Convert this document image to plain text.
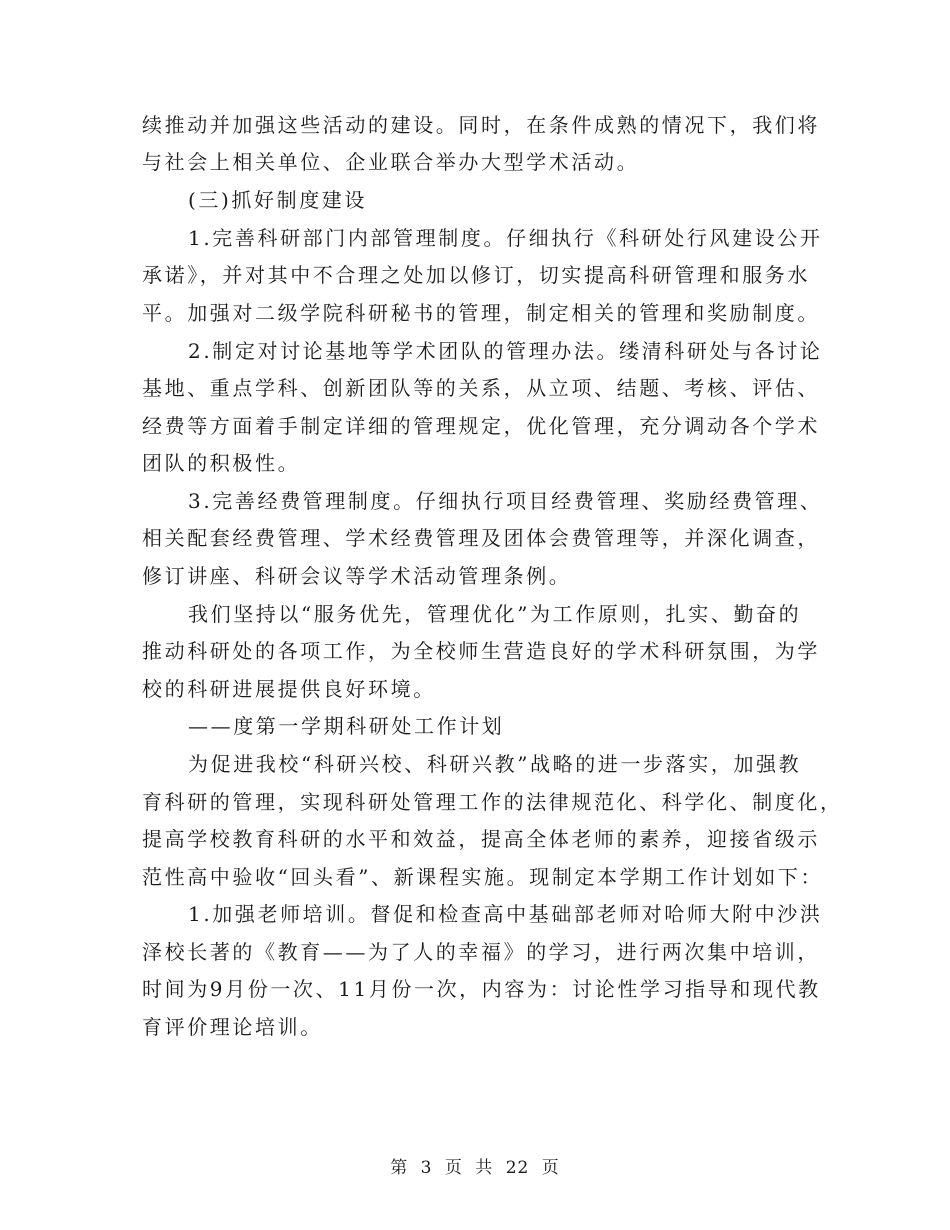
续推动并加强这些活动的建设。同时，在条件成熟的情况下，我们将
与社会上相关单位、企业联合举办大型学术活动。
(三)抓好制度建设
1.完善科研部门内部管理制度。仔细执行《科研处行风建设公开
承诺》，并对其中不合理之处加以修订，切实提高科研管理和服务水
平。加强对二级学院科研秘书的管理，制定相关的管理和奖励制度。
2.制定对讨论基地等学术团队的管理办法。缕清科研处与各讨论
基地、重点学科、创新团队等的关系，从立项、结题、考核、评估、
经费等方面着手制定详细的管理规定，优化管理，充分调动各个学术
团队的积极性。
3.完善经费管理制度。仔细执行项目经费管理、奖励经费管理、
相关配套经费管理、学术经费管理及团体会费管理等，并深化调查，
修订讲座、科研会议等学术活动管理条例。
我们坚持以“服务优先，管理优化”为工作原则，扎实、勤奋的
推动科研处的各项工作，为全校师生营造良好的学术科研氛围，为学
校的科研进展提供良好环境。
——度第一学期科研处工作计划
为促进我校“科研兴校、科研兴教”战略的进一步落实，加强教
育科研的管理，实现科研处管理工作的法律规范化、科学化、制度化，
提高学校教育科研的水平和效益，提高全体老师的素养，迎接省级示
范性高中验收“回头看”、新课程实施。现制定本学期工作计划如下：
1.加强老师培训。督促和检查高中基础部老师对哈师大附中沙洪
泽校长著的《教育——为了人的幸福》的学习，进行两次集中培训，
时间为9月份一次、11月份一次，内容为：讨论性学习指导和现代教
育评价理论培训。
第 3 页 共 22 页
